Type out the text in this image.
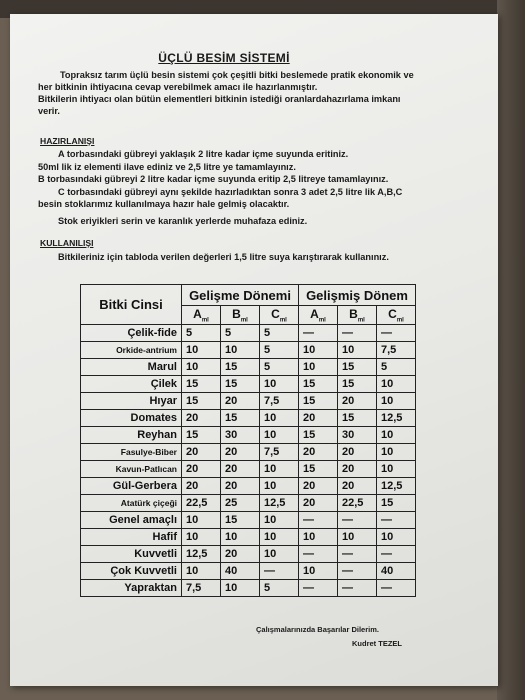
ÜÇLÜ BESİM SİSTEMİ
Topraksız tarım üçlü besin sistemi çok çeşitli bitki beslemede pratik ekonomik ve
her bitkinin ihtiyacına cevap verebilmek amacı ile hazırlanmıştır.
Bitkilerin ihtiyacı olan bütün elementleri bitkinin istediği oranlardahazırlama imkanı
verir.
HAZIRLANIŞI
A torbasındaki gübreyi yaklaşık 2 litre kadar içme suyunda eritiniz.
50ml lik iz elementi ilave ediniz ve 2,5 litre ye tamamlayınız.
B torbasındaki gübreyi 2 litre kadar içme suyunda eritip 2,5 litreye tamamlayınız.
C torbasındaki gübreyi aynı şekilde hazırladıktan sonra 3 adet 2,5 litre lik A,B,C
besin stoklarımız kullanılmaya hazır hale gelmiş olacaktır.
Stok eriyikleri serin ve karanlık yerlerde muhafaza ediniz.
KULLANILIŞI
Bitkileriniz için tabloda verilen değerleri 1,5 litre suya karıştırarak kullanınız.
Bitki Cinsi	Gelişme Dönemi			Gelişmiş Dönem		
	$A_{ml}$	$B_{ml}$	$C_{ml}$	$A_{ml}$	$B_{ml}$	$C_{ml}$
Çelik-fide	5	5	5	—	—	—
Orkide-antrium	10	10	5	10	10	7,5
Marul	10	15	5	10	15	5
Çilek	15	15	10	15	15	10
Hıyar	15	20	7,5	15	20	10
Domates	20	15	10	20	15	12,5
Reyhan	15	30	10	15	30	10
Fasulye-Biber	20	20	7,5	20	20	10
Kavun-Patlıcan	20	20	10	15	20	10
Gül-Gerbera	20	20	10	20	20	12,5
Atatürk çiçeği	22,5	25	12,5	20	22,5	15
Genel amaçlı	10	15	10	—	—	—
Hafif	10	10	10	10	10	10
Kuvvetli	12,5	20	10	—	—	—
Çok Kuvvetli	10	40	—	10	—	40
Yapraktan	7,5	10	5	—	—	—
Çalışmalarınızda Başarılar Dilerim.
Kudret TEZEL
